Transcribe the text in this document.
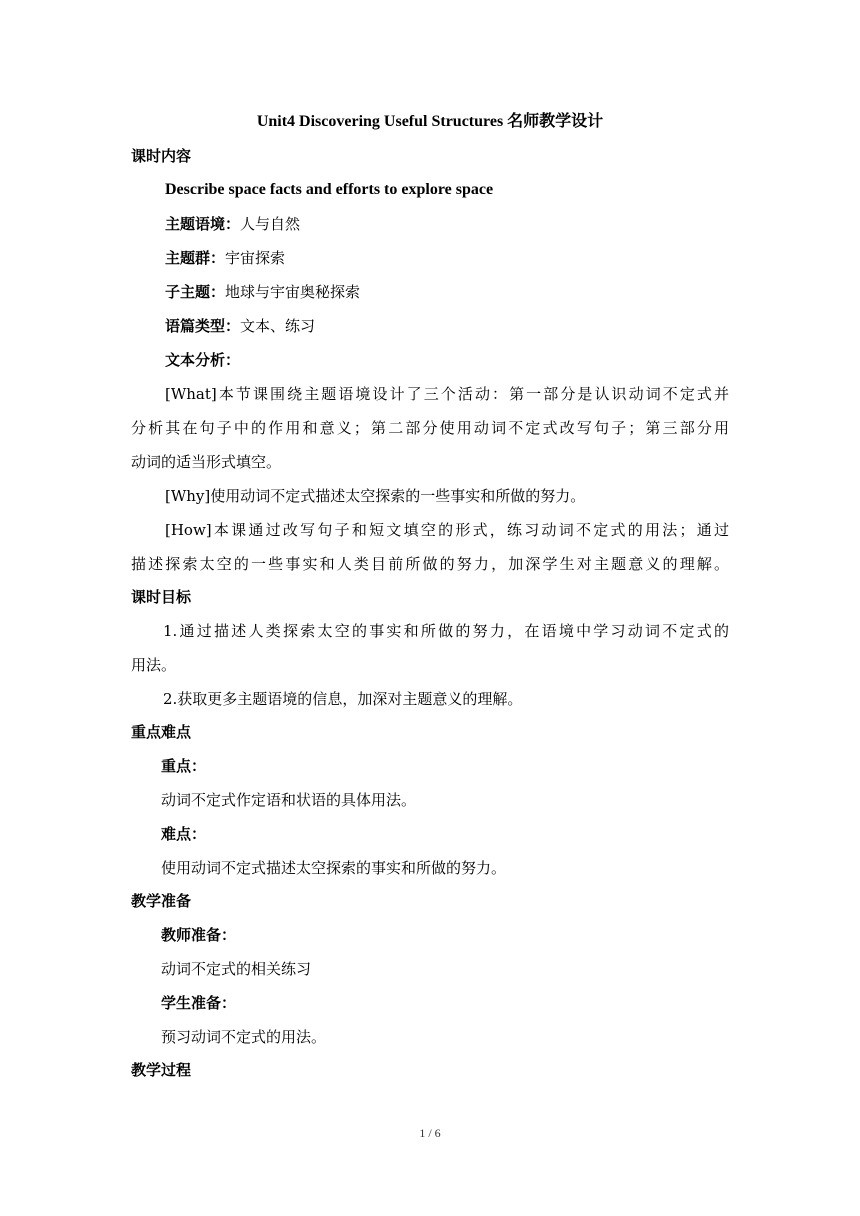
Unit4 Discovering Useful Structures 名师教学设计
课时内容
Describe space facts and efforts to explore space
主题语境：人与自然
主题群：宇宙探索
子主题：地球与宇宙奥秘探索
语篇类型：文本、练习
文本分析：
[What]本节课围绕主题语境设计了三个活动：第一部分是认识动词不定式并
分析其在句子中的作用和意义；第二部分使用动词不定式改写句子；第三部分用
动词的适当形式填空。
[Why]使用动词不定式描述太空探索的一些事实和所做的努力。
[How]本课通过改写句子和短文填空的形式，练习动词不定式的用法；通过
描述探索太空的一些事实和人类目前所做的努力，加深学生对主题意义的理解。
课时目标
1.通过描述人类探索太空的事实和所做的努力，在语境中学习动词不定式的
用法。
2.获取更多主题语境的信息，加深对主题意义的理解。
重点难点
重点：
动词不定式作定语和状语的具体用法。
难点：
使用动词不定式描述太空探索的事实和所做的努力。
教学准备
教师准备：
动词不定式的相关练习
学生准备：
预习动词不定式的用法。
教学过程
1 / 6
